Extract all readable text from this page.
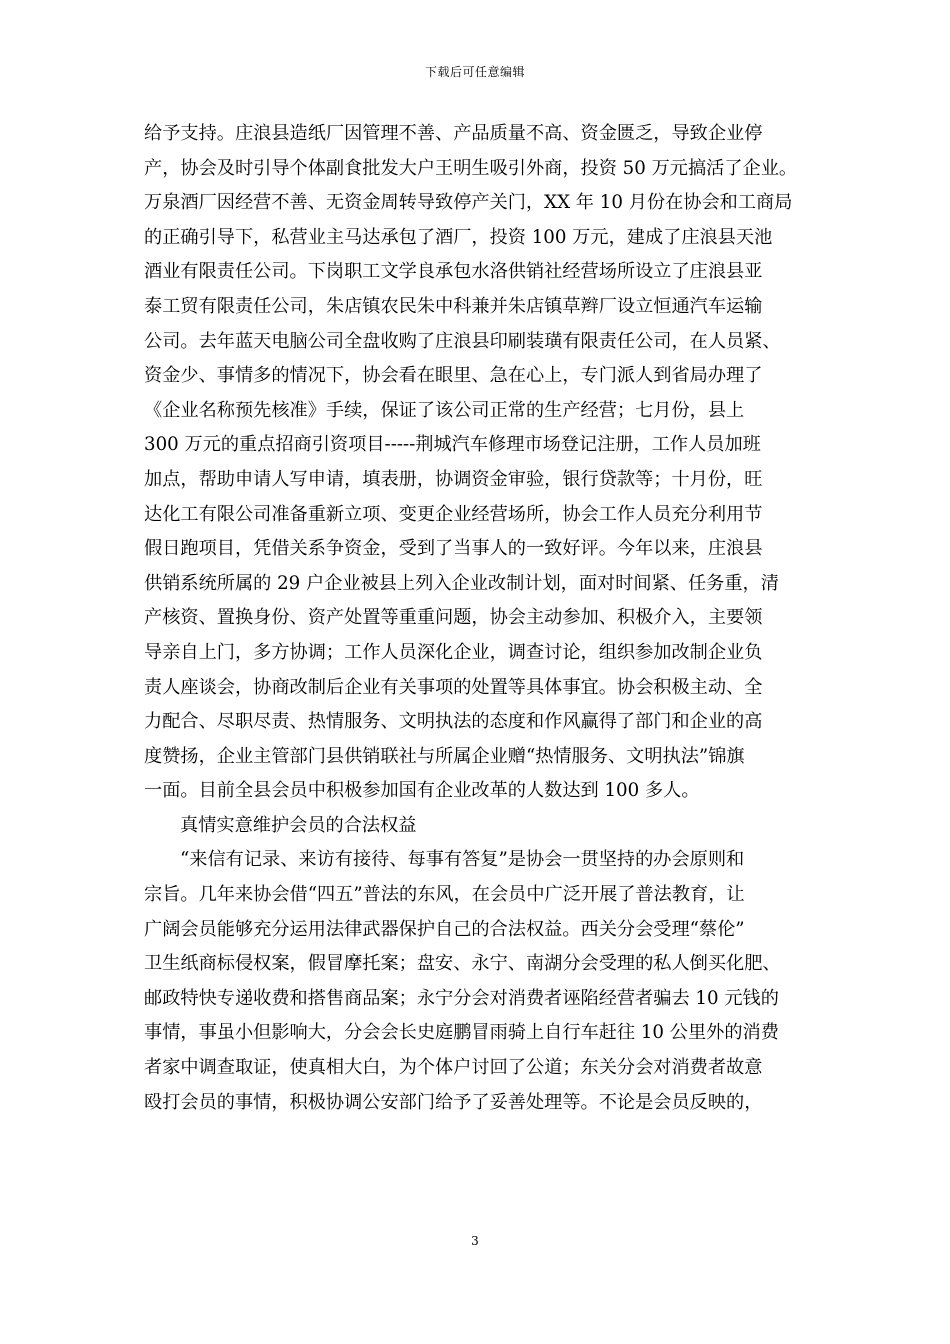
下载后可任意编辑
给予支持。庄浪县造纸厂因管理不善、产品质量不高、资金匮乏，导致企业停
产，协会及时引导个体副食批发大户王明生吸引外商，投资 50 万元搞活了企业。
万泉酒厂因经营不善、无资金周转导致停产关门，XX 年 10 月份在协会和工商局
的正确引导下，私营业主马达承包了酒厂，投资 100 万元，建成了庄浪县天池
酒业有限责任公司。下岗职工文学良承包水洛供销社经营场所设立了庄浪县亚
泰工贸有限责任公司，朱店镇农民朱中科兼并朱店镇草辫厂设立恒通汽车运输
公司。去年蓝天电脑公司全盘收购了庄浪县印刷装璜有限责任公司，在人员紧、
资金少、事情多的情况下，协会看在眼里、急在心上，专门派人到省局办理了
《企业名称预先核准》手续，保证了该公司正常的生产经营；七月份，县上
300 万元的重点招商引资项目-----荆城汽车修理市场登记注册，工作人员加班
加点，帮助申请人写申请，填表册，协调资金审验，银行贷款等；十月份，旺
达化工有限公司准备重新立项、变更企业经营场所，协会工作人员充分利用节
假日跑项目，凭借关系争资金，受到了当事人的一致好评。今年以来，庄浪县
供销系统所属的 29 户企业被县上列入企业改制计划，面对时间紧、任务重，清
产核资、置换身份、资产处置等重重问题，协会主动参加、积极介入，主要领
导亲自上门，多方协调；工作人员深化企业，调查讨论，组织参加改制企业负
责人座谈会，协商改制后企业有关事项的处置等具体事宜。协会积极主动、全
力配合、尽职尽责、热情服务、文明执法的态度和作风赢得了部门和企业的高
度赞扬，企业主管部门县供销联社与所属企业赠“热情服务、文明执法”锦旗
一面。目前全县会员中积极参加国有企业改革的人数达到 100 多人。
真情实意维护会员的合法权益
“来信有记录、来访有接待、每事有答复”是协会一贯坚持的办会原则和
宗旨。几年来协会借“四五”普法的东风，在会员中广泛开展了普法教育，让
广阔会员能够充分运用法律武器保护自己的合法权益。西关分会受理“蔡伦”
卫生纸商标侵权案，假冒摩托案；盘安、永宁、南湖分会受理的私人倒买化肥、
邮政特快专递收费和搭售商品案；永宁分会对消费者诬陷经营者骗去 10 元钱的
事情，事虽小但影响大，分会会长史庭鹏冒雨骑上自行车赶往 10 公里外的消费
者家中调查取证，使真相大白，为个体户讨回了公道；东关分会对消费者故意
殴打会员的事情，积极协调公安部门给予了妥善处理等。不论是会员反映的，
3
